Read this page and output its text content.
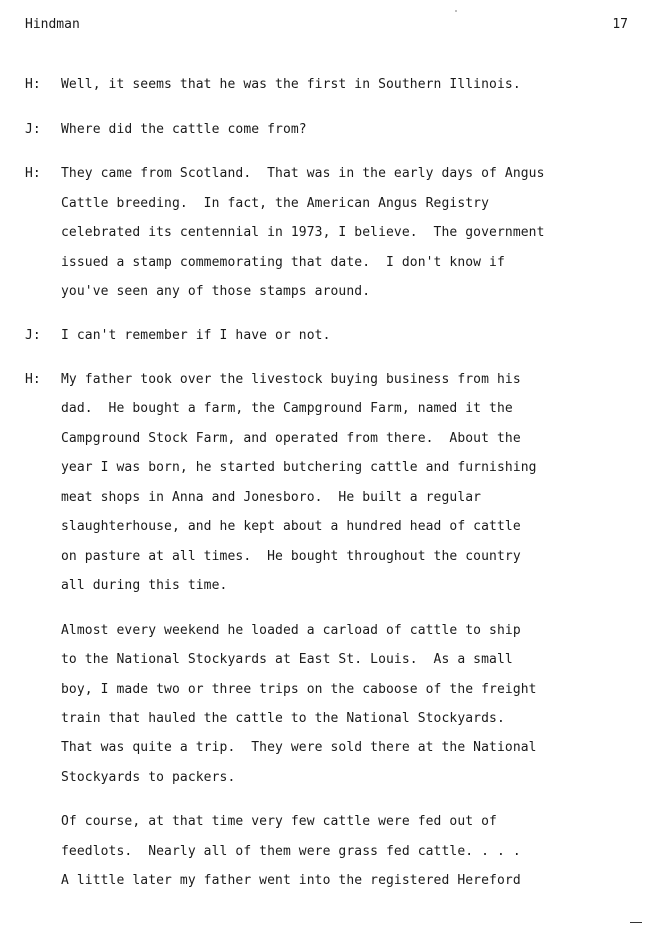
Hindman	17
H: Well, it seems that he was the first in Southern Illinois.
J: Where did the cattle come from?
H: They came from Scotland.  That was in the early days of Angus
Cattle breeding.  In fact, the American Angus Registry
celebrated its centennial in 1973, I believe.  The government
issued a stamp commemorating that date.  I don't know if
you've seen any of those stamps around.
J: I can't remember if I have or not.
H: My father took over the livestock buying business from his
dad.  He bought a farm, the Campground Farm, named it the
Campground Stock Farm, and operated from there.  About the
year I was born, he started butchering cattle and furnishing
meat shops in Anna and Jonesboro.  He built a regular
slaughterhouse, and he kept about a hundred head of cattle
on pasture at all times.  He bought throughout the country
all during this time.
Almost every weekend he loaded a carload of cattle to ship
to the National Stockyards at East St. Louis.  As a small
boy, I made two or three trips on the caboose of the freight
train that hauled the cattle to the National Stockyards.
That was quite a trip.  They were sold there at the National
Stockyards to packers.
Of course, at that time very few cattle were fed out of
feedlots.  Nearly all of them were grass fed cattle. . . .
A little later my father went into the registered Hereford
